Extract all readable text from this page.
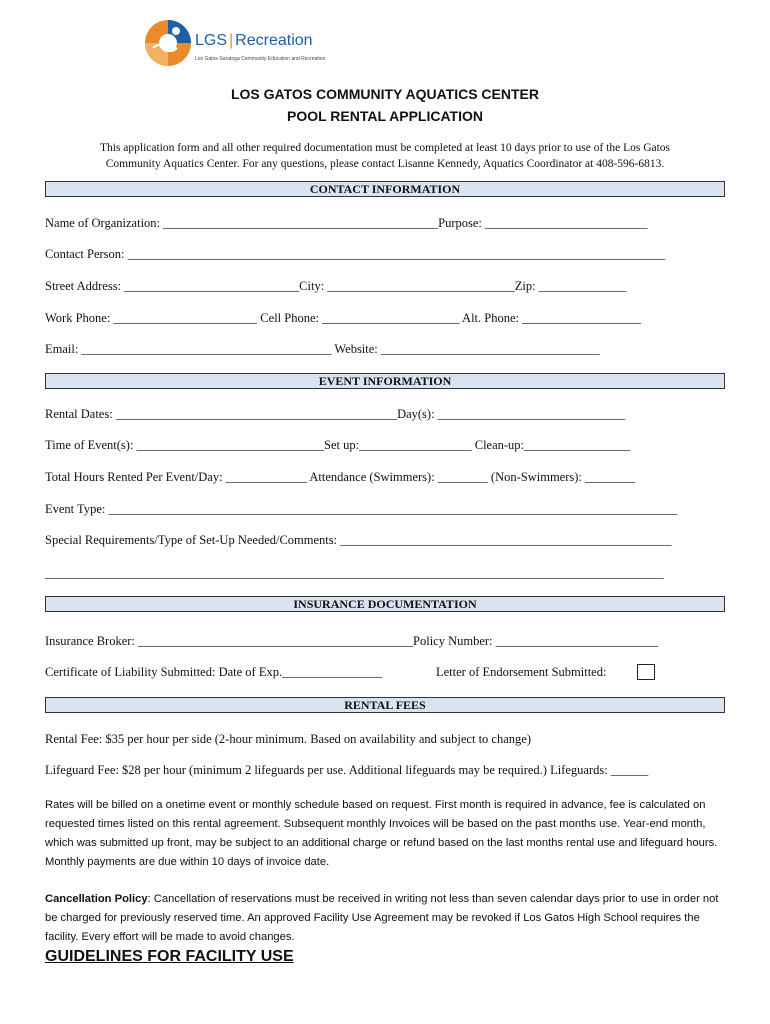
LGS | Recreation
Los Gatos-Saratoga Community Education and Recreation
LOS GATOS COMMUNITY AQUATICS CENTER
POOL RENTAL APPLICATION
This application form and all other required documentation must be completed at least 10 days prior to use of the Los Gatos
Community Aquatics Center. For any questions, please contact Lisanne Kennedy, Aquatics Coordinator at 408-596-6813.
CONTACT INFORMATION
Name of Organization: ____________________________________________Purpose: __________________________
Contact Person: ______________________________________________________________________________________
Street Address: ____________________________City: ______________________________Zip: ______________
Work Phone: _______________________ Cell Phone: ______________________ Alt. Phone: ___________________
Email: ________________________________________ Website: ___________________________________
EVENT INFORMATION
Rental Dates: _____________________________________________Day(s): ______________________________
Time of Event(s): ______________________________Set up:__________________ Clean-up:_________________
Total Hours Rented Per Event/Day: _____________ Attendance (Swimmers): ________ (Non-Swimmers): ________
Event Type: ___________________________________________________________________________________________
Special Requirements/Type of Set-Up Needed/Comments: _____________________________________________________
___________________________________________________________________________________________________
INSURANCE DOCUMENTATION
Insurance Broker: ____________________________________________Policy Number: __________________________
Certificate of Liability Submitted: Date of Exp.________________	Letter of Endorsement Submitted:
RENTAL FEES
Rental Fee: $35 per hour per side (2-hour minimum. Based on availability and subject to change)
Lifeguard Fee: $28 per hour (minimum 2 lifeguards per use. Additional lifeguards may be required.) Lifeguards: ______
Rates will be billed on a onetime event or monthly schedule based on request. First month is required in advance, fee is calculated on requested times listed on this rental agreement. Subsequent monthly Invoices will be based on the past months use. Year-end month, which was submitted up front, may be subject to an additional charge or refund based on the last months rental use and lifeguard hours. Monthly payments are due within 10 days of invoice date.
Cancellation Policy: Cancellation of reservations must be received in writing not less than seven calendar days prior to use in order not be charged for previously reserved time. An approved Facility Use Agreement may be revoked if Los Gatos High School requires the facility. Every effort will be made to avoid changes.
GUIDELINES FOR FACILITY USE
